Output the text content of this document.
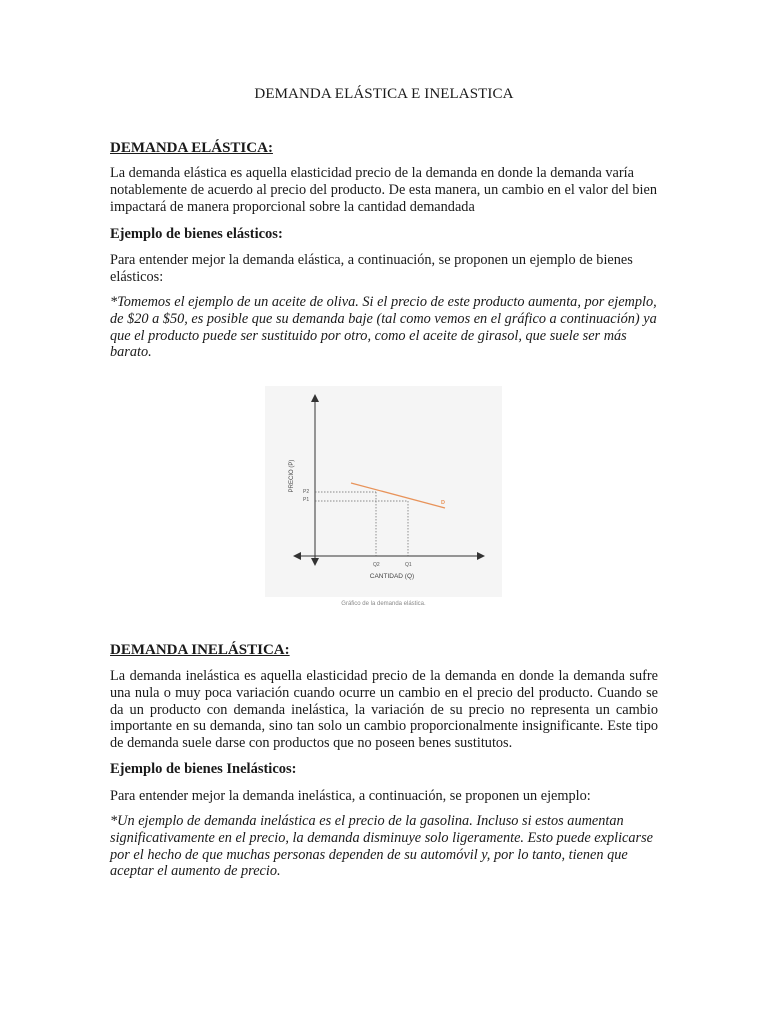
DEMANDA ELÁSTICA E INELASTICA
DEMANDA ELÁSTICA:

La demanda elástica es aquella elasticidad precio de la demanda en donde la demanda varía notablemente de acuerdo al precio del producto. De esta manera, un cambio en el valor del bien impactará de manera proporcional sobre la cantidad demandada

Ejemplo de bienes elásticos:

Para entender mejor la demanda elástica, a continuación, se proponen un ejemplo de bienes elásticos:

*Tomemos el ejemplo de un aceite de oliva. Si el precio de este producto aumenta, por ejemplo, de $20 a $50, es posible que su demanda baje (tal como vemos en el gráfico a continuación) ya que el producto puede ser sustituido por otro, como el aceite de girasol, que suele ser más barato.

D
P2
P1
Q2	Q1
CANTIDAD (Q)
PRECIO (P)
Gráfico de la demanda elástica.
DEMANDA INELÁSTICA:

La demanda inelástica es aquella elasticidad precio de la demanda en donde la demanda sufre una nula o muy poca variación cuando ocurre un cambio en el precio del producto. Cuando se da un producto con demanda inelástica, la variación de su precio no representa un cambio importante en su demanda, sino tan solo un cambio proporcionalmente insignificante. Este tipo de demanda suele darse con productos que no poseen benes sustitutos.

Ejemplo de bienes Inelásticos:

Para entender mejor la demanda inelástica, a continuación, se proponen un ejemplo:

*Un ejemplo de demanda inelástica es el precio de la gasolina. Incluso si estos aumentan significativamente en el precio, la demanda disminuye solo ligeramente. Esto puede explicarse por el hecho de que muchas personas dependen de su automóvil y, por lo tanto, tienen que aceptar el aumento de precio.
